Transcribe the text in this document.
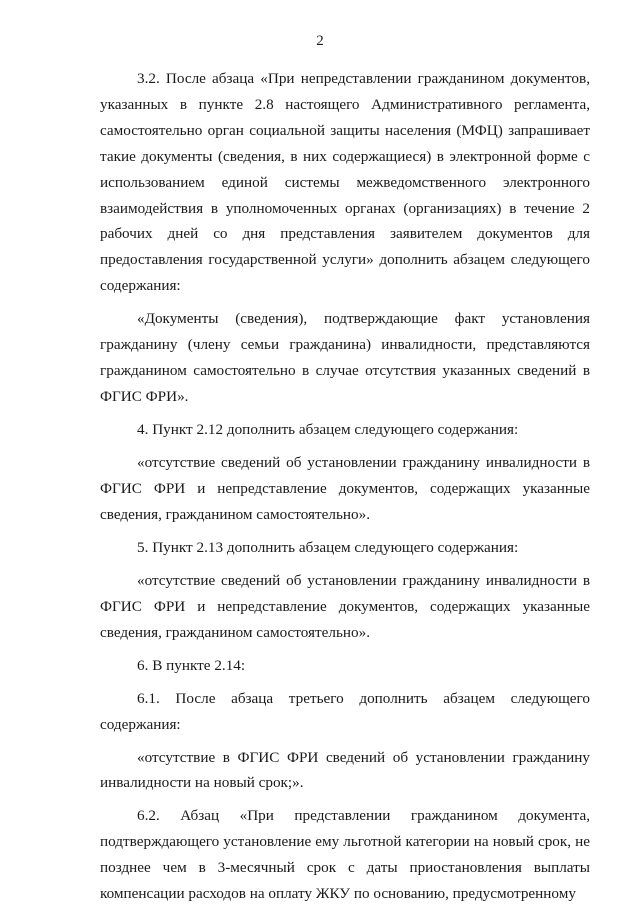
2

3.2. После абзаца «При непредставлении гражданином документов, указанных в пункте 2.8 настоящего Административного регламента, самостоятельно орган социальной защиты населения (МФЦ) запрашивает такие документы (сведения, в них содержащиеся) в электронной форме с использованием единой системы межведомственного электронного взаимодействия в уполномоченных органах (организациях) в течение 2 рабочих дней со дня представления заявителем документов для предоставления государственной услуги» дополнить абзацем следующего содержания:

«Документы (сведения), подтверждающие факт установления гражданину (члену семьи гражданина) инвалидности, представляются гражданином самостоятельно в случае отсутствия указанных сведений в ФГИС ФРИ».

4. Пункт 2.12 дополнить абзацем следующего содержания:

«отсутствие сведений об установлении гражданину инвалидности в ФГИС ФРИ и непредставление документов, содержащих указанные сведения, гражданином самостоятельно».

5. Пункт 2.13 дополнить абзацем следующего содержания:

«отсутствие сведений об установлении гражданину инвалидности в ФГИС ФРИ и непредставление документов, содержащих указанные сведения, гражданином самостоятельно».

6. В пункте 2.14:

6.1. После абзаца третьего дополнить абзацем следующего содержания:

«отсутствие в ФГИС ФРИ сведений об установлении гражданину инвалидности на новый срок;».

6.2. Абзац «При представлении гражданином документа, подтверждающего установление ему льготной категории на новый срок, не позднее чем в 3-месячный срок с даты приостановления выплаты компенсации расходов на оплату ЖКУ по основанию, предусмотренному
